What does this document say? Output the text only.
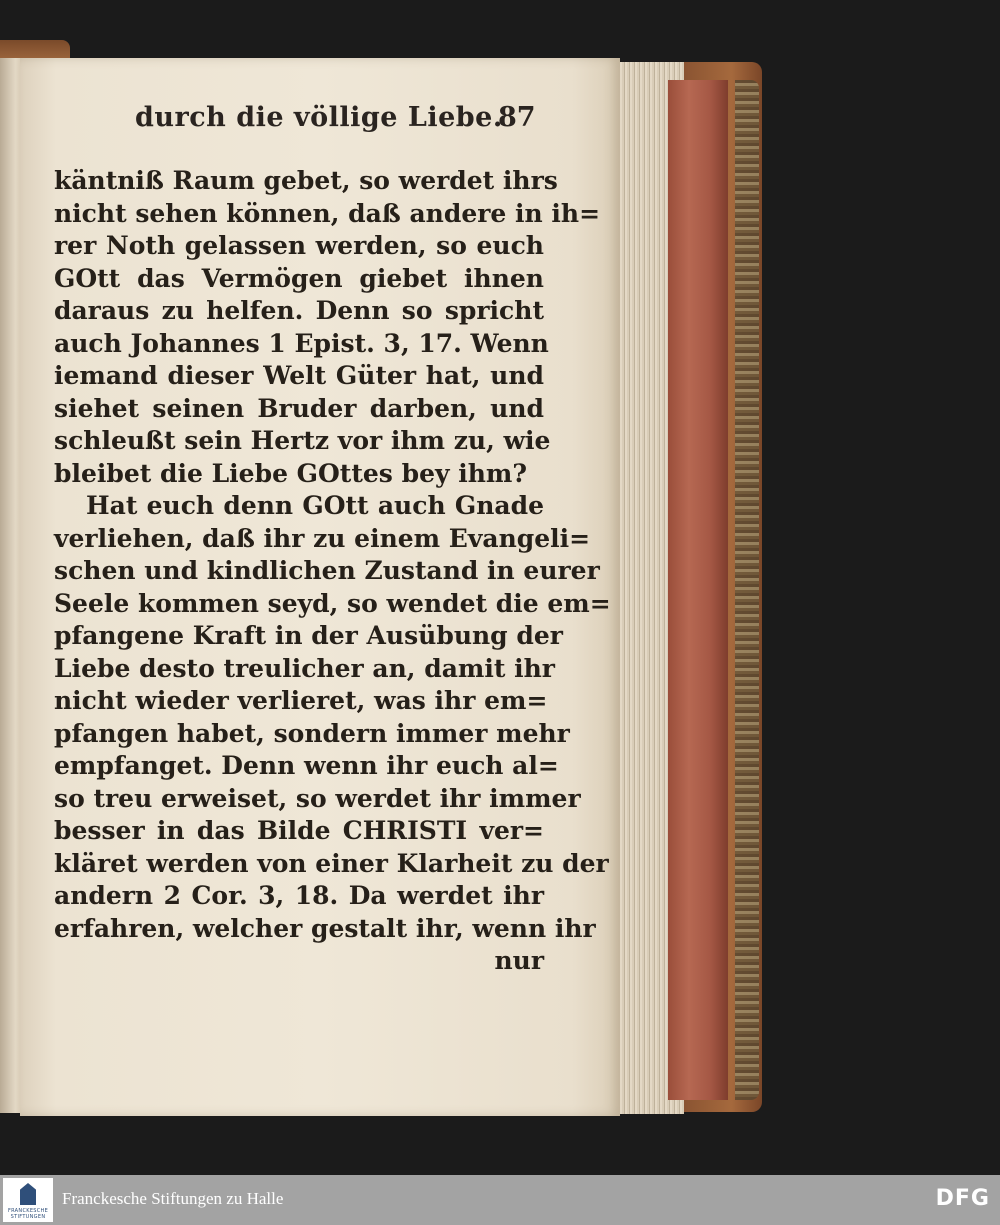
durch die völlige Liebe.
87
käntniß Raum gebet, so werdet ihrs
nicht sehen können, daß andere in ih=
rer Noth gelassen werden, so euch
GOtt das Vermögen giebet ihnen
daraus zu helfen. Denn so spricht
auch Johannes 1 Epist. 3, 17. Wenn
iemand dieser Welt Güter hat, und
siehet seinen Bruder darben, und
schleußt sein Hertz vor ihm zu, wie
bleibet die Liebe GOttes bey ihm?
Hat euch denn GOtt auch Gnade
verliehen, daß ihr zu einem Evangeli=
schen und kindlichen Zustand in eurer
Seele kommen seyd, so wendet die em=
pfangene Kraft in der Ausübung der
Liebe desto treulicher an, damit ihr
nicht wieder verlieret, was ihr em=
pfangen habet, sondern immer mehr
empfanget. Denn wenn ihr euch al=
so treu erweiset, so werdet ihr immer
besser in das Bilde CHRISTI ver=
kläret werden von einer Klarheit zu der
andern 2 Cor. 3, 18. Da werdet ihr
erfahren, welcher gestalt ihr, wenn ihr
nur
FRANCKESCHE STIFTUNGEN
Franckesche Stiftungen zu Halle	DFG
